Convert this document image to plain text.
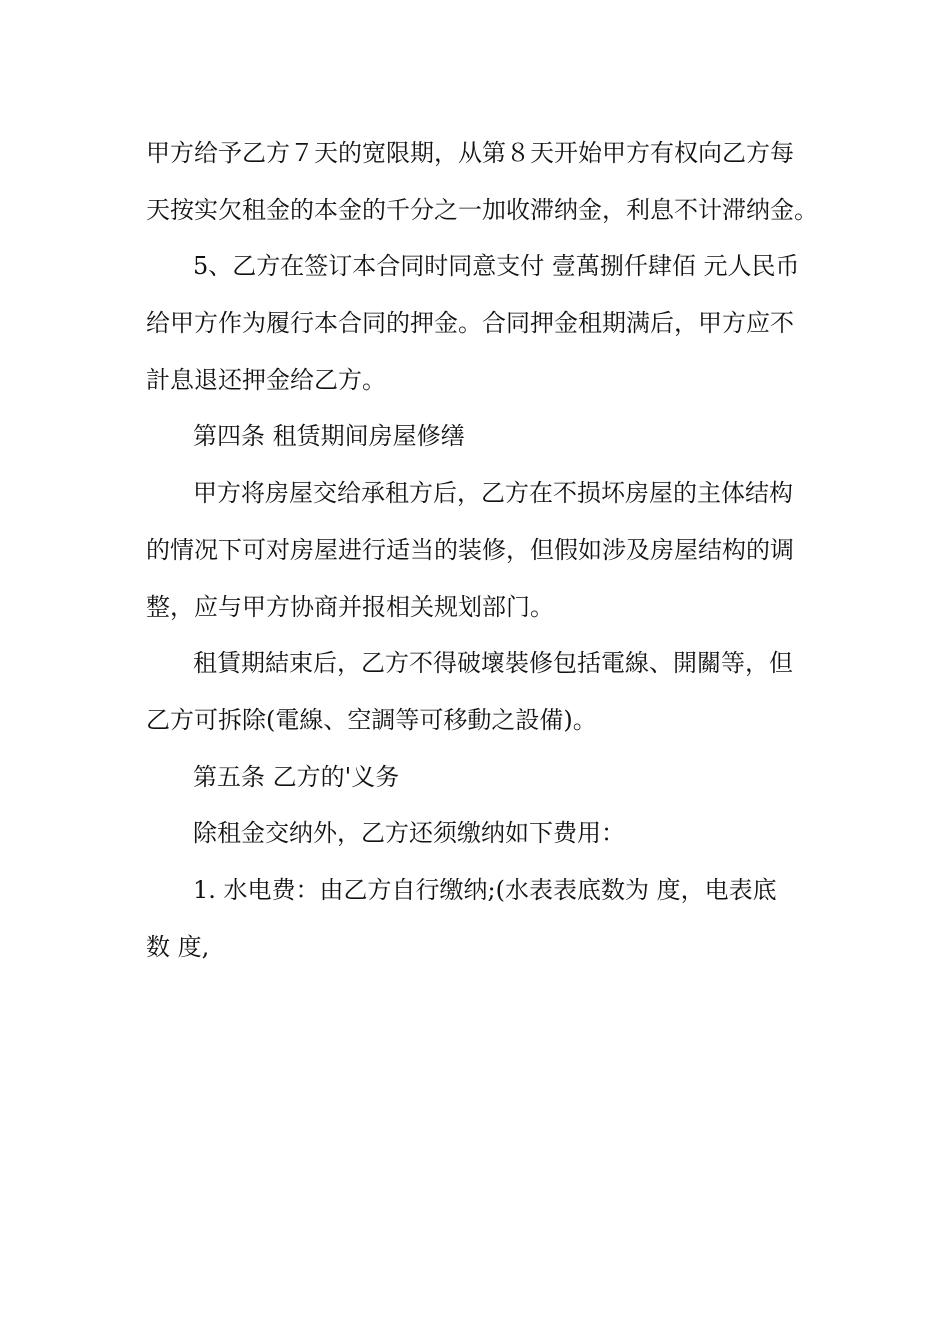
甲方给予乙方７天的宽限期，从第８天开始甲方有权向乙方每
天按实欠租金的本金的千分之一加收滞纳金，利息不计滞纳金。
5、乙方在签订本合同时同意支付 壹萬捌仟肆佰 元人民币
给甲方作为履行本合同的押金。合同押金租期满后，甲方应不
計息退还押金给乙方。
第四条 租赁期间房屋修缮
甲方将房屋交给承租方后，乙方在不损坏房屋的主体结构
的情况下可对房屋进行适当的装修，但假如涉及房屋结构的调
整，应与甲方协商并报相关规划部门。
租賃期結束后，乙方不得破壞裝修包括電線、開關等，但
乙方可拆除(電線、空調等可移動之設備)。
第五条 乙方的'义务
除租金交纳外，乙方还须缴纳如下费用：
1. 水电费：由乙方自行缴纳;(水表表底数为 度，电表底
数 度,
